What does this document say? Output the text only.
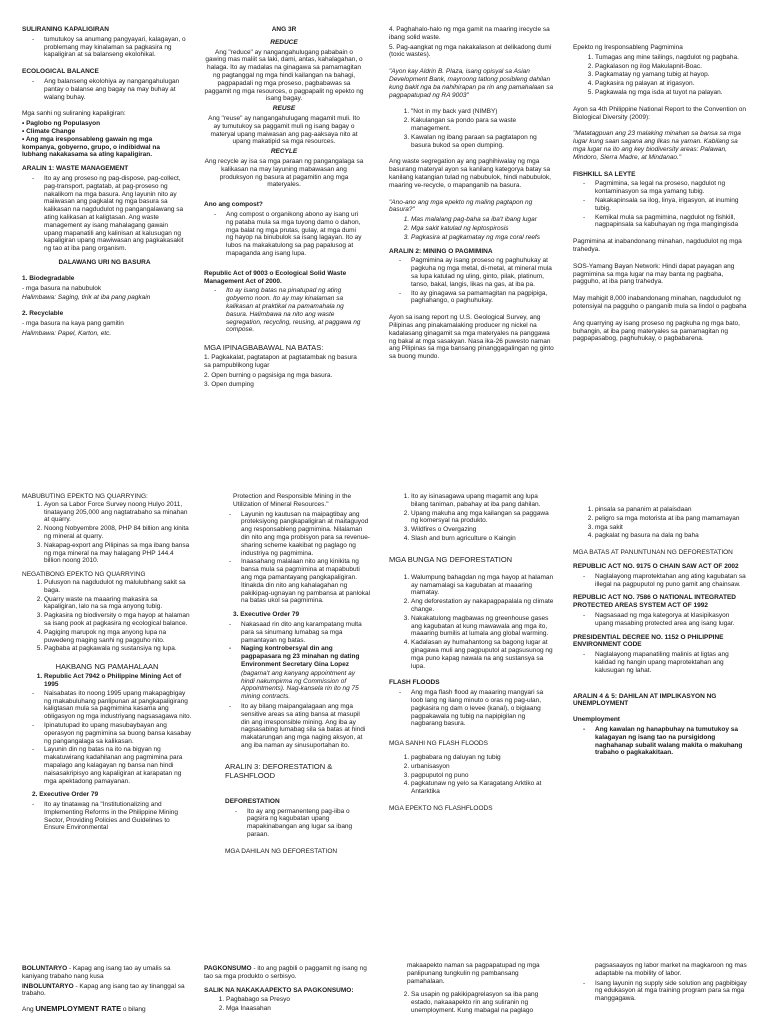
SULIRANING KAPALIGIRAN
- tumutukoy sa anumang pangyayari, kalagayan, o problemang may kinalaman sa pagkasira ng kapaligiran at sa balanseng ekolohikal.
ECOLOGICAL BALANCE
- Ang balanseng ekolohiya ay nangangahulugan pantay o balanse ang bagay na may buhay at walang buhay.

Mga sanhi ng suliraning kapaligiran:

• Paglobo ng Populasyon
• Climate Change
• Ang mga iresponsableng gawain ng mga kompanya, gobyerno, grupo, o indibidwal na lubhang nakakasama sa ating kapaligiran.
ARALIN 1: WASTE MANAGEMENT
- Ito ay ang proseso ng pag-dispose, pag-collect, pag-transport, pagtatab, at pag-proseso ng nakalikom na mga basura. Ang layunin nito ay maiiwasan ang pagkalat ng mga basura sa kalikasan na nagdudulot ng pangangalawang sa ating kalikasan at kaligtasan. Ang waste management ay isang mahalagang gawain upang mapanatili ang kalinisan at kalusugan ng kapaligiran upang mawiwasan ang pagkakasakit ng tao at iba pang organism.
DALAWANG URI NG BASURA

1. Biodegradable

- mga basura na nabubulok

Halimbawa: Saging, tirik at iba pang pagkain

2. Recyclable

- mga basura na kaya pang gamitin

Halimbawa: Papel, Karton, etc.

ANG 3R
REDUCE

Ang "reduce" ay nangangahulugang pababain o gawing mas maliit sa laki, dami, antas, kahalagahan, o halaga. Ito ay madalas na ginagawa sa pamamagitan ng pagtanggal ng mga hindi kailangan na bahagi, pagpapadali ng mga proseso, pagbabawas sa paggamit ng mga resources, o pagpapalit ng epekto ng isang bagay.

REUSE

Ang "reuse" ay nangangahulugang magamit muli. Ito ay tumutukoy sa paggamit muli ng isang bagay o materyal upang maiwasan ang pag-aaksaya nito at upang makatipid sa mga resources.

RECYLE

Ang recycle ay isa sa mga paraan ng pangangalaga sa kalikasan na may layuning mabawasan ang produksyon ng basura at pagamitin ang mga materyales.

Ano ang compost?
- Ang compost o organikong abono ay isang uri ng pataba mula sa mga tuyong damo o dahon, mga balat ng mga prutas, gulay, at mga dumi ng hayop na binubulok sa isang lagayan. Ito ay lubos na makakatulong sa pag papalusog at mapaganda ang isang lupa.
Republic Act of 9003 o Ecological Solid Waste Management Act of 2000.
- Ito ay isang batas na pinatupad ng ating gobyerno noon. Ito ay may kinalaman sa kalikasan at praktikal na pamamahala ng basura. Halimbawa na nito ang waste segregation, recycling, reusing, at paggawa ng compose.
MGA IPINAGBABAWAL NA BATAS:

1. Pagkakalat, pagtatapon at pagtatambak ng basura sa pampublikong lugar

2. Open burning o pagsisiga ng mga basura.

3. Open dumping

4. Paghahalo-halo ng mga gamit na maaring irecycle sa ibang solid waste.

5. Pag-aangkat ng mga nakakalason at delikadong dumi (toxic wastes).

"Ayon kay Aldrin B. Plaza, isang opisyal sa Asian Development Bank, mayroong tatlong posibleng dahilan kung bakit nga ba nahihirapan pa rin ang pamahalaan sa pagpapatupad ng RA 9003"

1. "Not in my back yard (NIMBY)
2. Kakulangan sa pondo para sa waste management.
3. Kawalan ng ibang paraan sa pagtatapon ng basura bukod sa open dumping.

Ang waste segregation ay ang paghihiwalay ng mga basurang materyal ayon sa kanilang kategorya batay sa kanilang katangian tulad ng nabubulok, hindi nabubulok, maaring ve-recycle, o mapanganib na basura.

"Ano-ano ang mga epekto ng maling pagtapon ng basura?"

1. Mas malalang pag-baha sa iba't ibang lugar
2. Mga sakit katulad ng leptospirosis
3. Pagkasira at pagkamatay ng mga coral reefs
ARALIN 2: MINING O PAGMIMINA
- Pagmimina ay isang proseso ng paghuhukay at pagkuha ng mga metal, di-metal, at mineral mula sa lupa katulad ng uling, ginto, pilak, platinum, tanso, bakal, langis, likas na gas, at iba pa.
- Ito ay ginagawa sa pamamagitan na pagpipiga, paghahango, o paghuhukay.

Ayon sa isang report ng U.S. Geological Survey, ang Pilipinas ang pinakamalaking producer ng nickel na kadalasang ginagamit sa mga materyales na panggawa ng bakal at mga sasakyan. Nasa ika-26 puwesto naman ang Pilipinas sa mga bansang pinanggagalingan ng ginto sa buong mundo.

Epekto ng Iresponsableng Pagmimina

1. Tumagas ang mine tailings, nagdulot ng pagbaha.
2. Pagkalason ng ilog Makulapnit-Boac.
3. Pagkamatay ng yamang tubig at hayop.
4. Pagkasira ng palayan at irigasyon.
5. Pagkawala ng mga isda at tuyot na palayan.

Ayon sa 4th Philippine National Report to the Convention on Biological Diversity (2009):

"Matatagpuan ang 23 malaking minahan sa bansa sa mga lugar kung saan sagana ang likas na yaman. Kabilang sa mga lugar na ito ang key biodiversity areas: Palawan, Mindoro, Sierra Madre, at Mindanao."

FISHKILL SA LEYTE
- Pagmimina, sa legal na proseso, nagdulot ng kontaminasyon sa mga yamang tubig.
- Nakakapinsala sa ilog, linya, irigasyon, at inuming tubig.
- Kemikal mula sa pagmimina, nagdulot ng fishkill, nagpapinsala sa kabuhayan ng mga mangingisda

Pagmimina at inabandonang minahan, nagdudulot ng mga trahedya.

SOS-Yamang Bayan Network: Hindi dapat payagan ang pagmimina sa mga lugar na may banta ng pagbaha, pagguho, at iba pang trahedya.

May mahigit 8,000 inabandonang minahan, nagdudulot ng potensiyal na pagguho o panganib mula sa lindol o pagbaha

Ang quarrying ay isang proseso ng pagkuha ng mga bato, buhangin, at iba pang materyales sa pamamagitan ng pagpapasabog, paghuhukay, o pagbabarena.

MABUBUTING EPEKTO NG QUARRYING:
1. Ayon sa Labor Force Survey noong Hulyo 2011, tinatayang 205,000 ang nagtatrabaho sa minahan at quarry.
2. Noong Nobyembre 2008, PHP 84 billion ang kinita ng mineral at quarry.
3. Nakapag-export ang Pilipinas sa mga ibang bansa ng mga mineral na may halagang PHP 144.4 billion noong 2010.
NEGATIBONG EPEKTO NG QUARRYING
1. Pulusyon na nagdudulot ng malulubhang sakit sa baga.
2. Quarry waste na maaaring makasira sa kapaligiran, lalo na sa mga anyong tubig.
3. Pagkasira ng biodiversity o mga hayop at halaman sa isang pook at pagkasira ng ecological balance.
4. Pagiging marupok ng mga anyong lupa na puwedeng maging sanhi ng pagguho nito.
5. Pagbaba at pagkawala ng sustansiya ng lupa.
HAKBANG NG PAMAHALAAN
1. Republic Act 7942 o Philippine Mining Act of 1995
- Naisabatas ito noong 1995 upang makapagbigay ng makabuluhang panlipunan at pangkapaligirang kaligtasan mula sa pagmimina kasama ang obligasyon ng mga industriyang nagsasagawa nito.
- Ipinatutupad ito upang masubaybayan ang operasyon ng pagmimina sa buong bansa kasabay ng pangangalaga sa kalikasan.
- Layunin din ng batas na ito na bigyan ng makatuwirang kadahilanan ang pagmimina para mapalago ang kalagayan ng bansa nan hindi naisasakripisyo ang kapaligiran at karapatan ng mga apektadong pamayanan.
2. Executive Order 79
- Ito ay tinatawag na "Institutionalizing and Implementing Reforms in the Philippine Mining Sector, Providing Policies and Guidelines to Ensure Environmental

Protection and Responsible Mining in the Utilization of Mineral Resources."

- Layunin ng kautusan na maipagtibay ang proteksiyong pangkapaligiran at maitaguyod ang responsableng pagmimina. Nilalaman din nito ang mga probisyon para sa revenue-sharing scheme kaakibat ng paglago ng industriya ng pagmimina.
- Inaasahang malalaan nito ang kinikita ng bansa mula sa pagmimina at mapabubuti ang mga pamantayang pangkapaligiran. Itinakda din nito ang kahalagahan ng pakikipag-ugnayan ng pambansa at panlokal na batas ukol sa pagmimina.
3. Executive Order 79
- Nakasaad rin dito ang karampatang multa para sa sinumang lumabag sa mga pamantayan ng batas.
- Naging kontrobersyal din ang pagpapasara ng 23 minahan ng dating Environment Secretary Gina Lopez

(bagama't ang kanyang appointment ay hindi nakumpirma ng Commission of Appointments). Nag-kansela rin ito ng 75 mining contracts.

- Ito ay bilang maipangalagaan ang mga sensitive areas sa ating bansa at masupil din ang irresponsible mining. Ang iba ay nagsasabing lumabag sila sa batas at hindi makatarungan ang mga naging aksyon, at ang iba naman ay sinusuportahan ito.
ARALIN 3: DEFORESTATION & FLASHFLOOD
DEFORESTATION
- Ito ay ang permanenteng pag-iiba o pagsira ng kagubatan upang mapakinabangan ang lugar sa ibang paraan.
MGA DAHILAN NG DEFORESTATION
1. Ito ay isinasagawa upang magamit ang lupa bilang taniman, pabahay at iba pang dahilan.
2. Upang makuha ang mga kailangan sa paggawa ng komersyal na produkto.
3. Wildfires o Overgazing
4. Slash and burn agriculture o Kaingin
MGA BUNGA NG DEFORESTATION
1. Walumpung bahagdan ng mga hayop at halaman ay namamalagi sa kagubatan at maaaring mamatay.
2. Ang deforestation ay nakapagpapalala ng climate change.
3. Nakakatulong magbawas ng greenhouse gases ang kagubatan at kung mawawala ang mga ito, maaaring bumilis at lumala ang global warming.
4. Kadalasan ay humahantong sa bagong lugar at ginagawa muli ang pagpuputol at pagsusunog ng mga puno kapag nawala na ang sustansya sa lupa.
FLASH FLOODS
- Ang mga flash flood ay maaaring mangyari sa loob lang ng ilang minuto o oras ng pag-ulan, pagkasira ng dam o levee (kanal), o biglaang pagpakawala ng tubig na napipigilan ng nagbarang basura.
MGA SANHI NG FLASH FLOODS
1. pagbabara ng daluyan ng tubig
2. urbanisasyon
3. pagpuputol ng puno
4. pagkatunaw ng yelo sa Karagatang Arktiko at Antarktika
MGA EPEKTO NG FLASHFLOODS
1. pinsala sa pananim at palaisdaan
2. peligro sa mga motorista at iba pang mamamayan
3. mga sakit
4. pagkalat ng basura na dala ng baha
MGA BATAS AT PANUNTUNAN NG DEFORESTATION
REPUBLIC ACT NO. 9175 O CHAIN SAW ACT OF 2002
- Naglalayong maprotektahan ang ating kagubatan sa illegal na pagpuputol ng puno gamit ang chainsaw.
REPUBLIC ACT NO. 7586 O NATIONAL INTEGRATED PROTECTED AREAS SYSTEM ACT OF 1992
- Nagsasaad ng mga kategorya at klasipikasyon upang masabing protected area ang isang lugar.
PRESIDENTIAL DECREE NO. 1152 O PHILIPPINE ENVIRONMENT CODE
- Naglalayong mapanatiling malinis at ligtas ang kalidad ng hangin upang maprotektahan ang kalusugan ng lahat.
ARALIN 4 & 5: DAHILAN AT IMPLIKASYON NG UNEMPLOYMENT
Unemployment
- Ang kawalan ng hanapbuhay na tumutukoy sa kalagayan ng isang tao na pursigidong naghahanap subalit walang makita o makuhang trabaho o pagkakakitaan.

BOLUNTARYO - Kapag ang isang tao ay umalis sa kaniyang trabaho nang kusa

INBOLUNTARYO - Kapag ang isang tao ay tinanggal sa trabaho.

Ang UNEMPLOYMENT RATE o bilang

PAGKONSUMO - ito ang pagbili o paggamit ng isang ng tao sa mga produkto o serbisyo.

SALIK NA NAKAKAAPEKTO SA PAGKONSUMO:
1. Pagbabago sa Presyo
2. Mga Inaasahan

makaapekto naman sa pagpapatupad ng mga panlipunang tungkulin ng pambansang pamahalaan.

2. Sa usapin ng pakikipagrelasyon sa iba pang estado, nakaaapekto rin ang suliranin ng unemployment. Kung mabagal na paglago

pagsasaayos ng labor market na magkaroon ng mas adaptable na mobility of labor.

- Isang layunin ng supply side solution ang pagbibigay ng edukasyon at mga training program para sa mga manggagawa.
